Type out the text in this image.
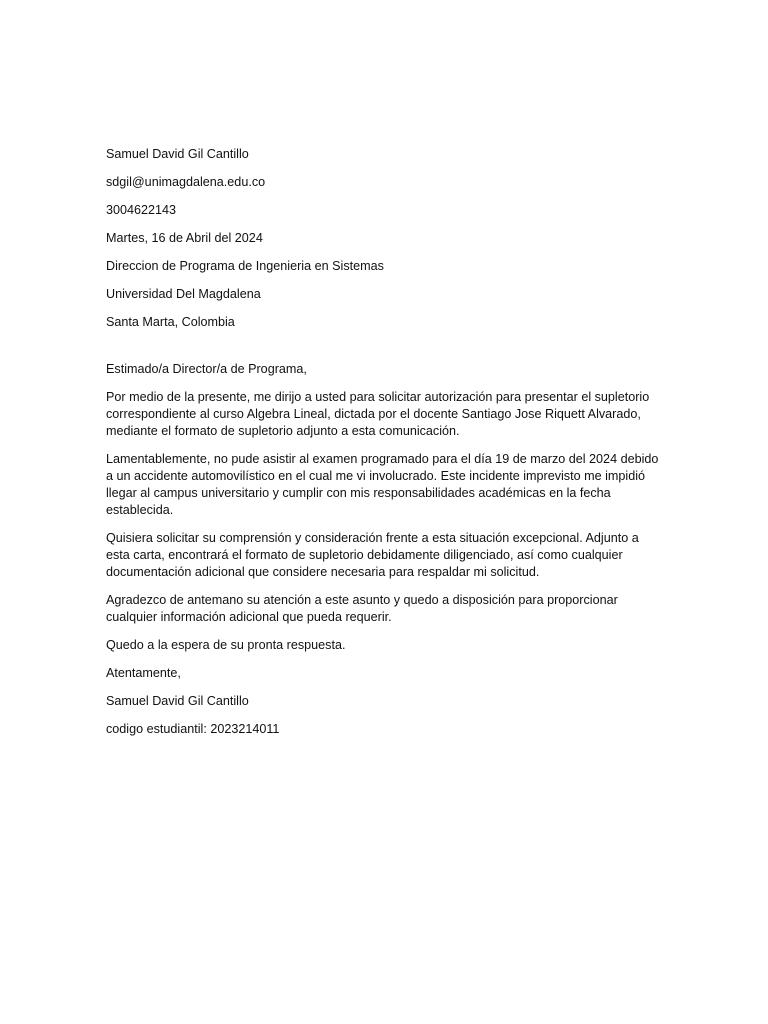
Samuel David Gil Cantillo

sdgil@unimagdalena.edu.co

3004622143

Martes, 16 de Abril del 2024

Direccion de Programa de Ingenieria en Sistemas

Universidad Del Magdalena

Santa Marta, Colombia

Estimado/a Director/a de Programa,

Por medio de la presente, me dirijo a usted para solicitar autorización para presentar el supletorio correspondiente al curso Algebra Lineal, dictada por el docente Santiago Jose Riquett Alvarado, mediante el formato de supletorio adjunto a esta comunicación.

Lamentablemente, no pude asistir al examen programado para el día 19 de marzo del 2024 debido a un accidente automovilístico en el cual me vi involucrado. Este incidente imprevisto me impidió llegar al campus universitario y cumplir con mis responsabilidades académicas en la fecha establecida.

Quisiera solicitar su comprensión y consideración frente a esta situación excepcional. Adjunto a esta carta, encontrará el formato de supletorio debidamente diligenciado, así como cualquier documentación adicional que considere necesaria para respaldar mi solicitud.

Agradezco de antemano su atención a este asunto y quedo a disposición para proporcionar cualquier información adicional que pueda requerir.

Quedo a la espera de su pronta respuesta.

Atentamente,

Samuel David Gil Cantillo

codigo estudiantil: 2023214011
